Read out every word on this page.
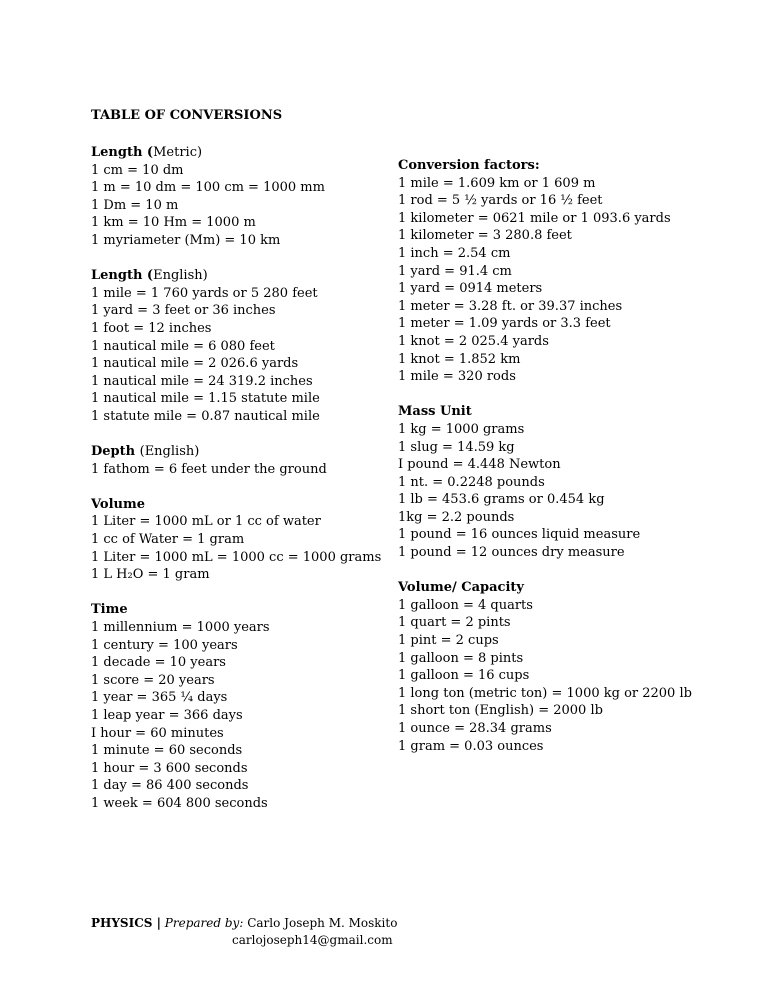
TABLE OF CONVERSIONS
Length (Metric)
1 cm = 10 dm
1 m = 10 dm = 100 cm = 1000 mm
1 Dm = 10 m
1 km = 10 Hm = 1000 m
1 myriameter (Mm) = 10 km
Length (English)
1 mile = 1 760 yards or 5 280 feet
1 yard = 3 feet or 36 inches
1 foot = 12 inches
1 nautical mile = 6 080 feet
1 nautical mile = 2 026.6 yards
1 nautical mile = 24 319.2 inches
1 nautical mile = 1.15 statute mile
1 statute mile = 0.87 nautical mile
Depth (English)
1 fathom = 6 feet under the ground
Volume
1 Liter = 1000 mL or 1 cc of water
1 cc of Water = 1 gram
1 Liter = 1000 mL = 1000 cc = 1000 grams
1 L H₂O = 1 gram
Time
1 millennium = 1000 years
1 century = 100 years
1 decade = 10 years
1 score = 20 years
1 year = 365 ¼ days
1 leap year = 366 days
I hour = 60 minutes
1 minute = 60 seconds
1 hour = 3 600 seconds
1 day = 86 400 seconds
1 week = 604 800 seconds
Conversion factors:
1 mile = 1.609 km or 1 609 m
1 rod = 5 ½ yards or 16 ½ feet
1 kilometer = 0621 mile or 1 093.6 yards
1 kilometer = 3 280.8 feet
1 inch = 2.54 cm
1 yard = 91.4 cm
1 yard = 0914 meters
1 meter = 3.28 ft. or 39.37 inches
1 meter = 1.09 yards or 3.3 feet
1 knot = 2 025.4 yards
1 knot = 1.852 km
1 mile = 320 rods
Mass Unit
1 kg = 1000 grams
1 slug = 14.59 kg
I pound = 4.448 Newton
1 nt. = 0.2248 pounds
1 lb = 453.6 grams or 0.454 kg
1kg = 2.2 pounds
1 pound = 16 ounces liquid measure
1 pound = 12 ounces dry measure
Volume/ Capacity
1 galloon = 4 quarts
1 quart = 2 pints
1 pint = 2 cups
1 galloon = 8 pints
1 galloon = 16 cups
1 long ton (metric ton) = 1000 kg or 2200 lb
1 short ton (English) = 2000 lb
1 ounce = 28.34 grams
1 gram = 0.03 ounces
PHYSICS | Prepared by: Carlo Joseph M. Moskito
carlojoseph14@gmail.com
